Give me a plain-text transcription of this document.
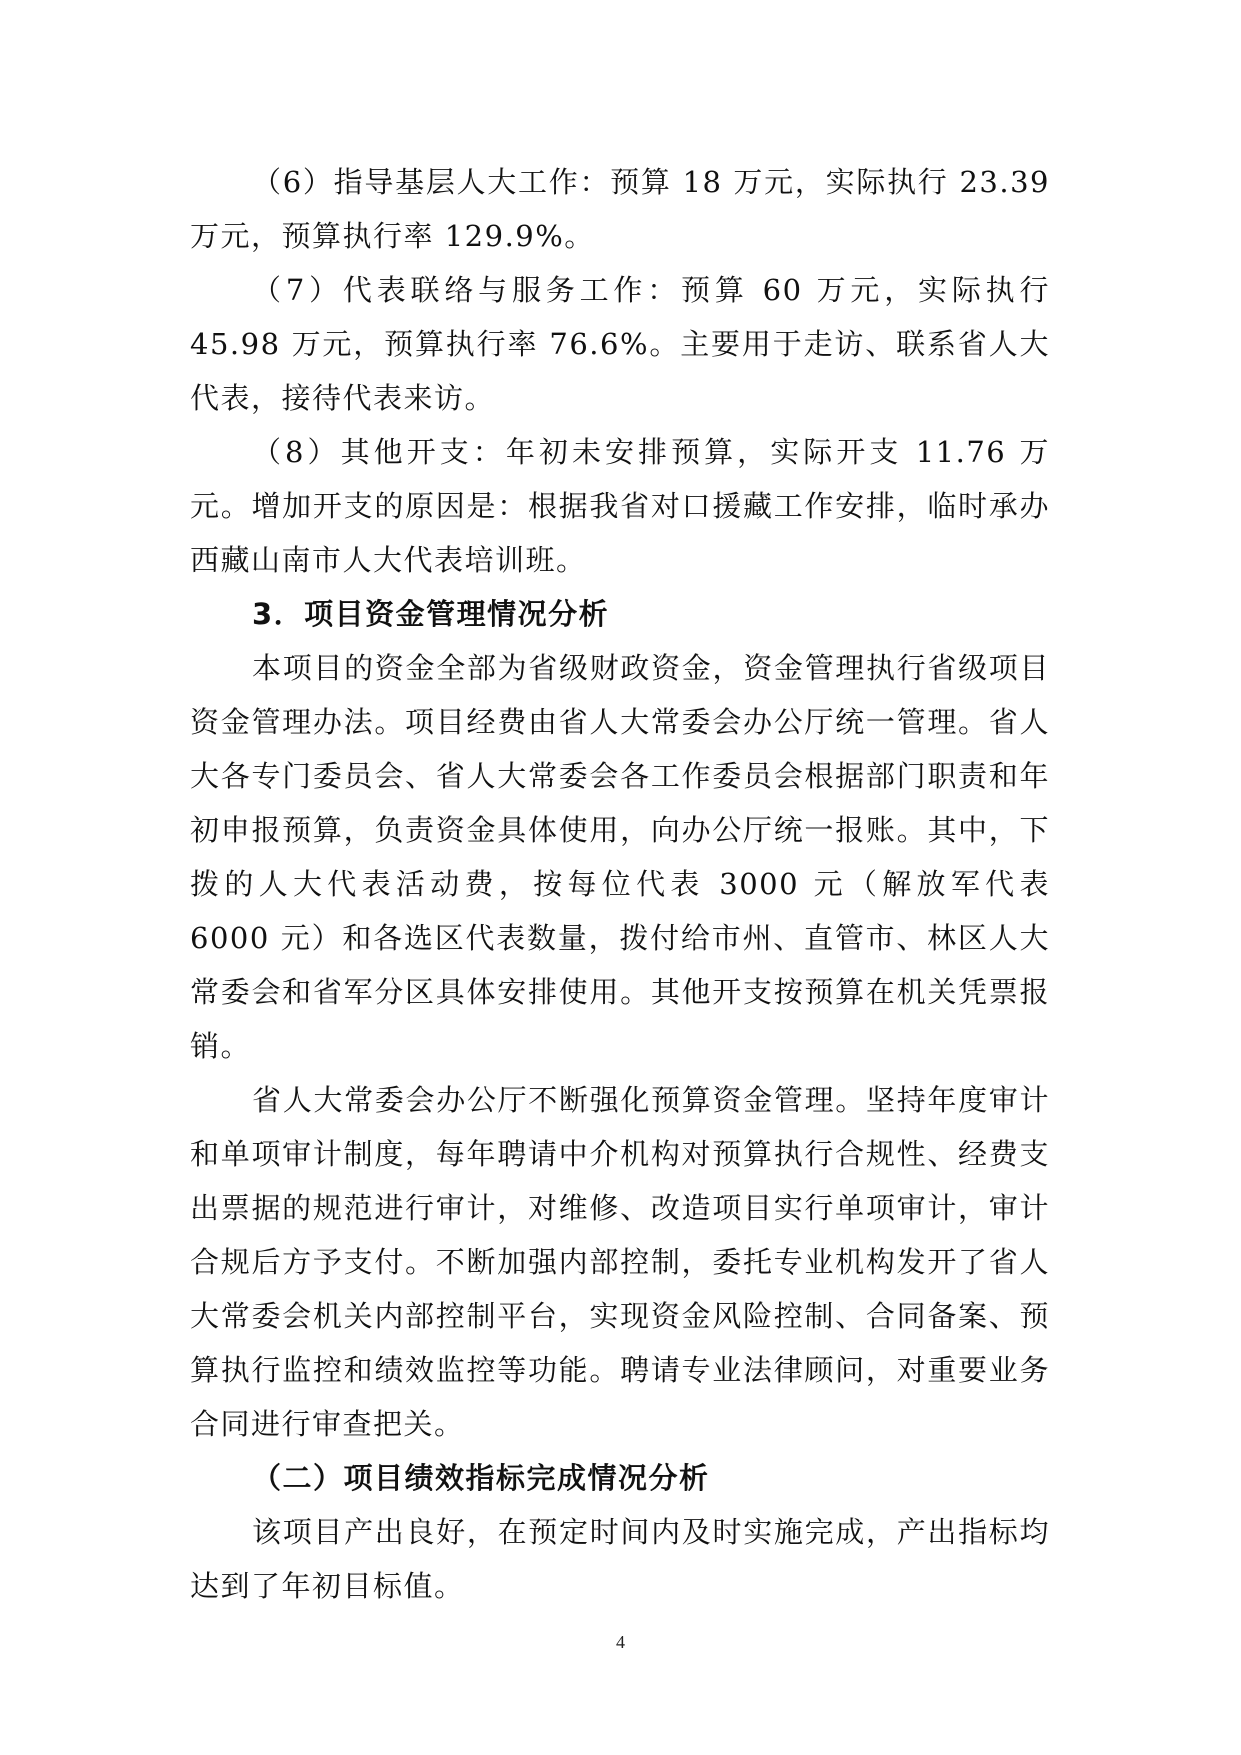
（6）指导基层人大工作：预算 18 万元，实际执行 23.39 万元，预算执行率 129.9%。

（7）代表联络与服务工作：预算 60 万元，实际执行 45.98 万元，预算执行率 76.6%。主要用于走访、联系省人大代表，接待代表来访。

（8）其他开支：年初未安排预算，实际开支 11.76 万元。增加开支的原因是：根据我省对口援藏工作安排，临时承办西藏山南市人大代表培训班。

3．项目资金管理情况分析

本项目的资金全部为省级财政资金，资金管理执行省级项目资金管理办法。项目经费由省人大常委会办公厅统一管理。省人大各专门委员会、省人大常委会各工作委员会根据部门职责和年初申报预算，负责资金具体使用，向办公厅统一报账。其中，下拨的人大代表活动费，按每位代表 3000 元（解放军代表 6000 元）和各选区代表数量，拨付给市州、直管市、林区人大常委会和省军分区具体安排使用。其他开支按预算在机关凭票报销。

省人大常委会办公厅不断强化预算资金管理。坚持年度审计和单项审计制度，每年聘请中介机构对预算执行合规性、经费支出票据的规范进行审计，对维修、改造项目实行单项审计，审计合规后方予支付。不断加强内部控制，委托专业机构发开了省人大常委会机关内部控制平台，实现资金风险控制、合同备案、预算执行监控和绩效监控等功能。聘请专业法律顾问，对重要业务合同进行审查把关。

（二）项目绩效指标完成情况分析

该项目产出良好，在预定时间内及时实施完成，产出指标均达到了年初目标值。

4
